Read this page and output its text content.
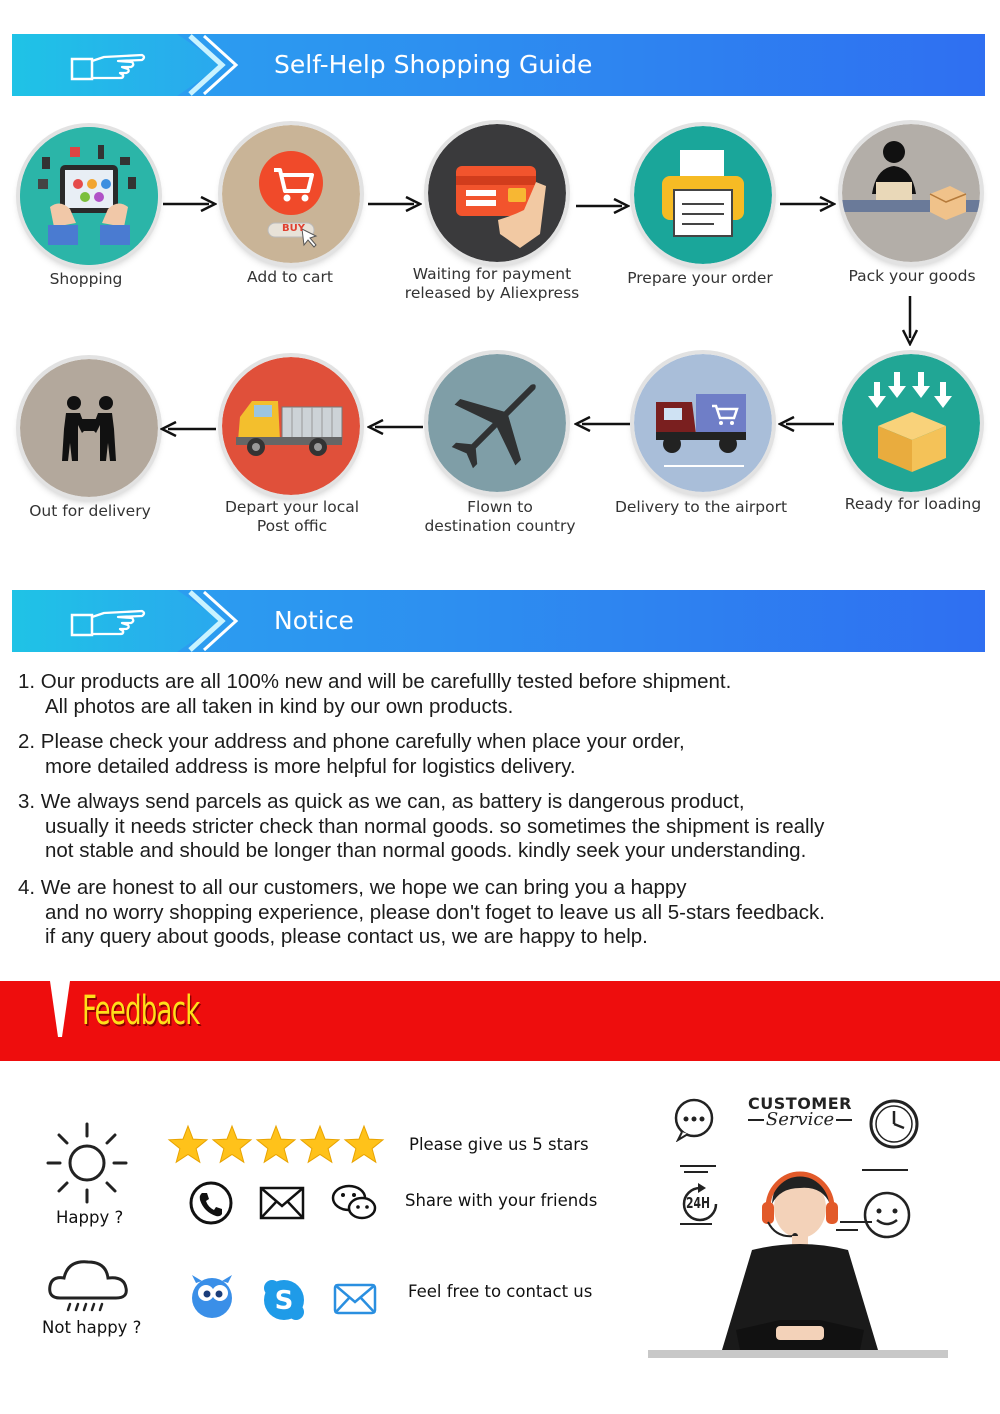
Self-Help Shopping Guide
Shopping
BUY
Add to cart	Waiting for payment
released by Aliexpress
Prepare your order	Pack your goods
Ready for loading
Delivery to the airport
Flown to
destination country
Depart your local
Post offic
Out for delivery
Notice
1. Our products are all 100% new and will be carefullly tested before shipment.
All photos are all taken in kind by our own products.
2. Please check your address and phone carefully when place your order,
more detailed address is more helpful for logistics delivery.
3. We always send parcels as quick as we can, as battery is dangerous product,
usually it needs stricter check than normal goods. so sometimes the shipment is really
not stable and should be longer than normal goods. kindly seek your understanding.
4. We are honest to all our customers, we hope we can bring you a happy
and no worry shopping experience, please don't foget to leave us all 5-stars feedback.
if any query about goods, please contact us, we are happy to help.
Feedback
Happy ?
Not happy ?
Please give us 5 stars
Share with your friends
S	Feel free to contact us
CUSTOMER
Service
24H
